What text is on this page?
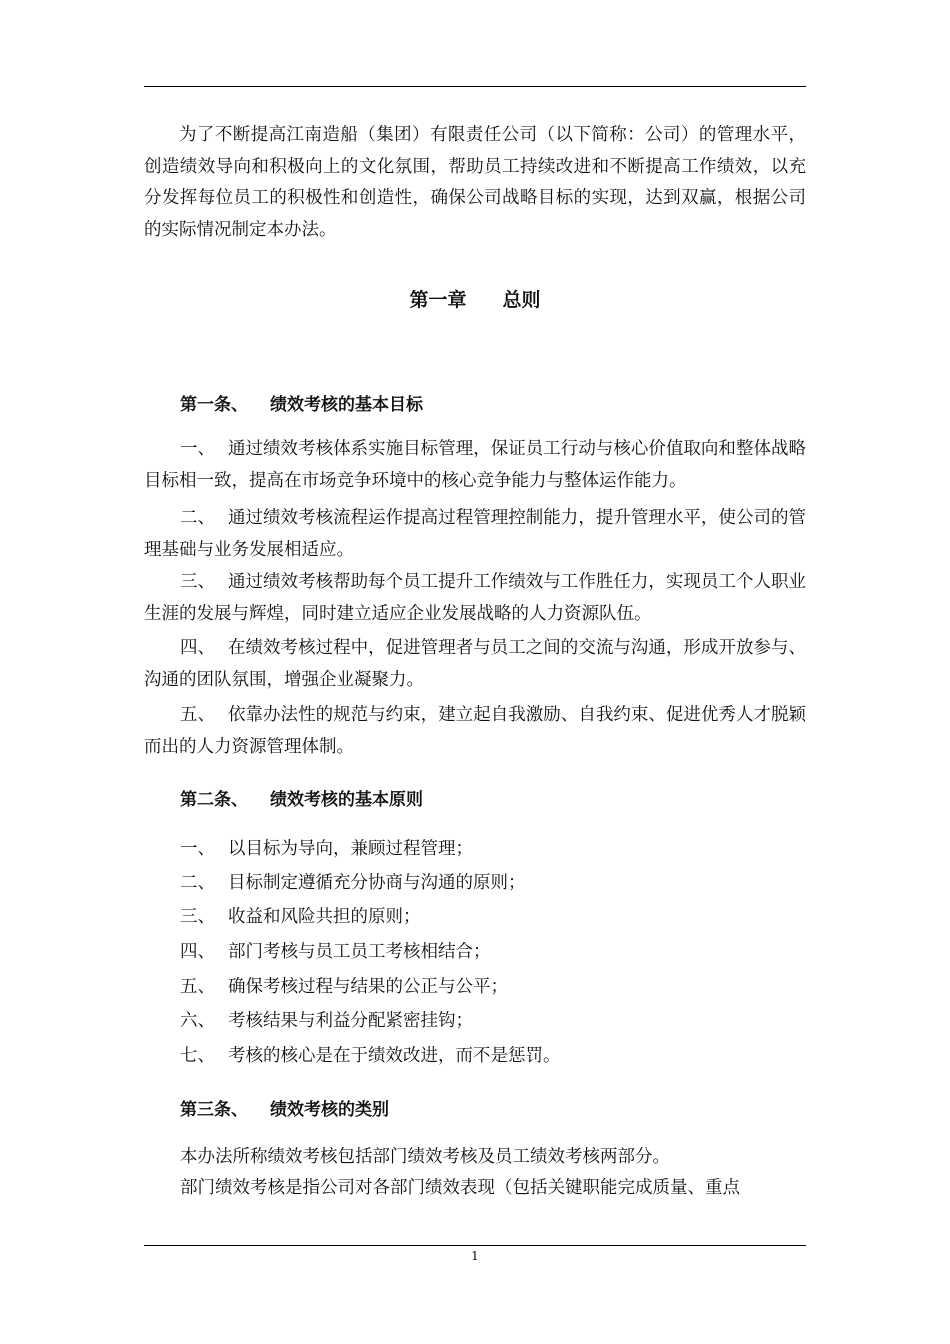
为了不断提高江南造船（集团）有限责任公司（以下简称：公司）的管理水平，创造绩效导向和积极向上的文化氛围，帮助员工持续改进和不断提高工作绩效，以充分发挥每位员工的积极性和创造性，确保公司战略目标的实现，达到双赢，根据公司的实际情况制定本办法。

第一章 总则
第一条、 绩效考核的基本目标

一、 通过绩效考核体系实施目标管理，保证员工行动与核心价值取向和整体战略目标相一致，提高在市场竞争环境中的核心竞争能力与整体运作能力。

二、 通过绩效考核流程运作提高过程管理控制能力，提升管理水平，使公司的管理基础与业务发展相适应。

三、 通过绩效考核帮助每个员工提升工作绩效与工作胜任力，实现员工个人职业生涯的发展与辉煌，同时建立适应企业发展战略的人力资源队伍。

四、 在绩效考核过程中，促进管理者与员工之间的交流与沟通，形成开放参与、沟通的团队氛围，增强企业凝聚力。

五、 依靠办法性的规范与约束，建立起自我激励、自我约束、促进优秀人才脱颖而出的人力资源管理体制。

第二条、 绩效考核的基本原则
一、 以目标为导向，兼顾过程管理；
二、 目标制定遵循充分协商与沟通的原则；
三、 收益和风险共担的原则；
四、 部门考核与员工员工考核相结合；
五、 确保考核过程与结果的公正与公平；
六、 考核结果与利益分配紧密挂钩；
七、 考核的核心是在于绩效改进，而不是惩罚。
第三条、 绩效考核的类别
本办法所称绩效考核包括部门绩效考核及员工绩效考核两部分。
部门绩效考核是指公司对各部门绩效表现（包括关键职能完成质量、重点
1
